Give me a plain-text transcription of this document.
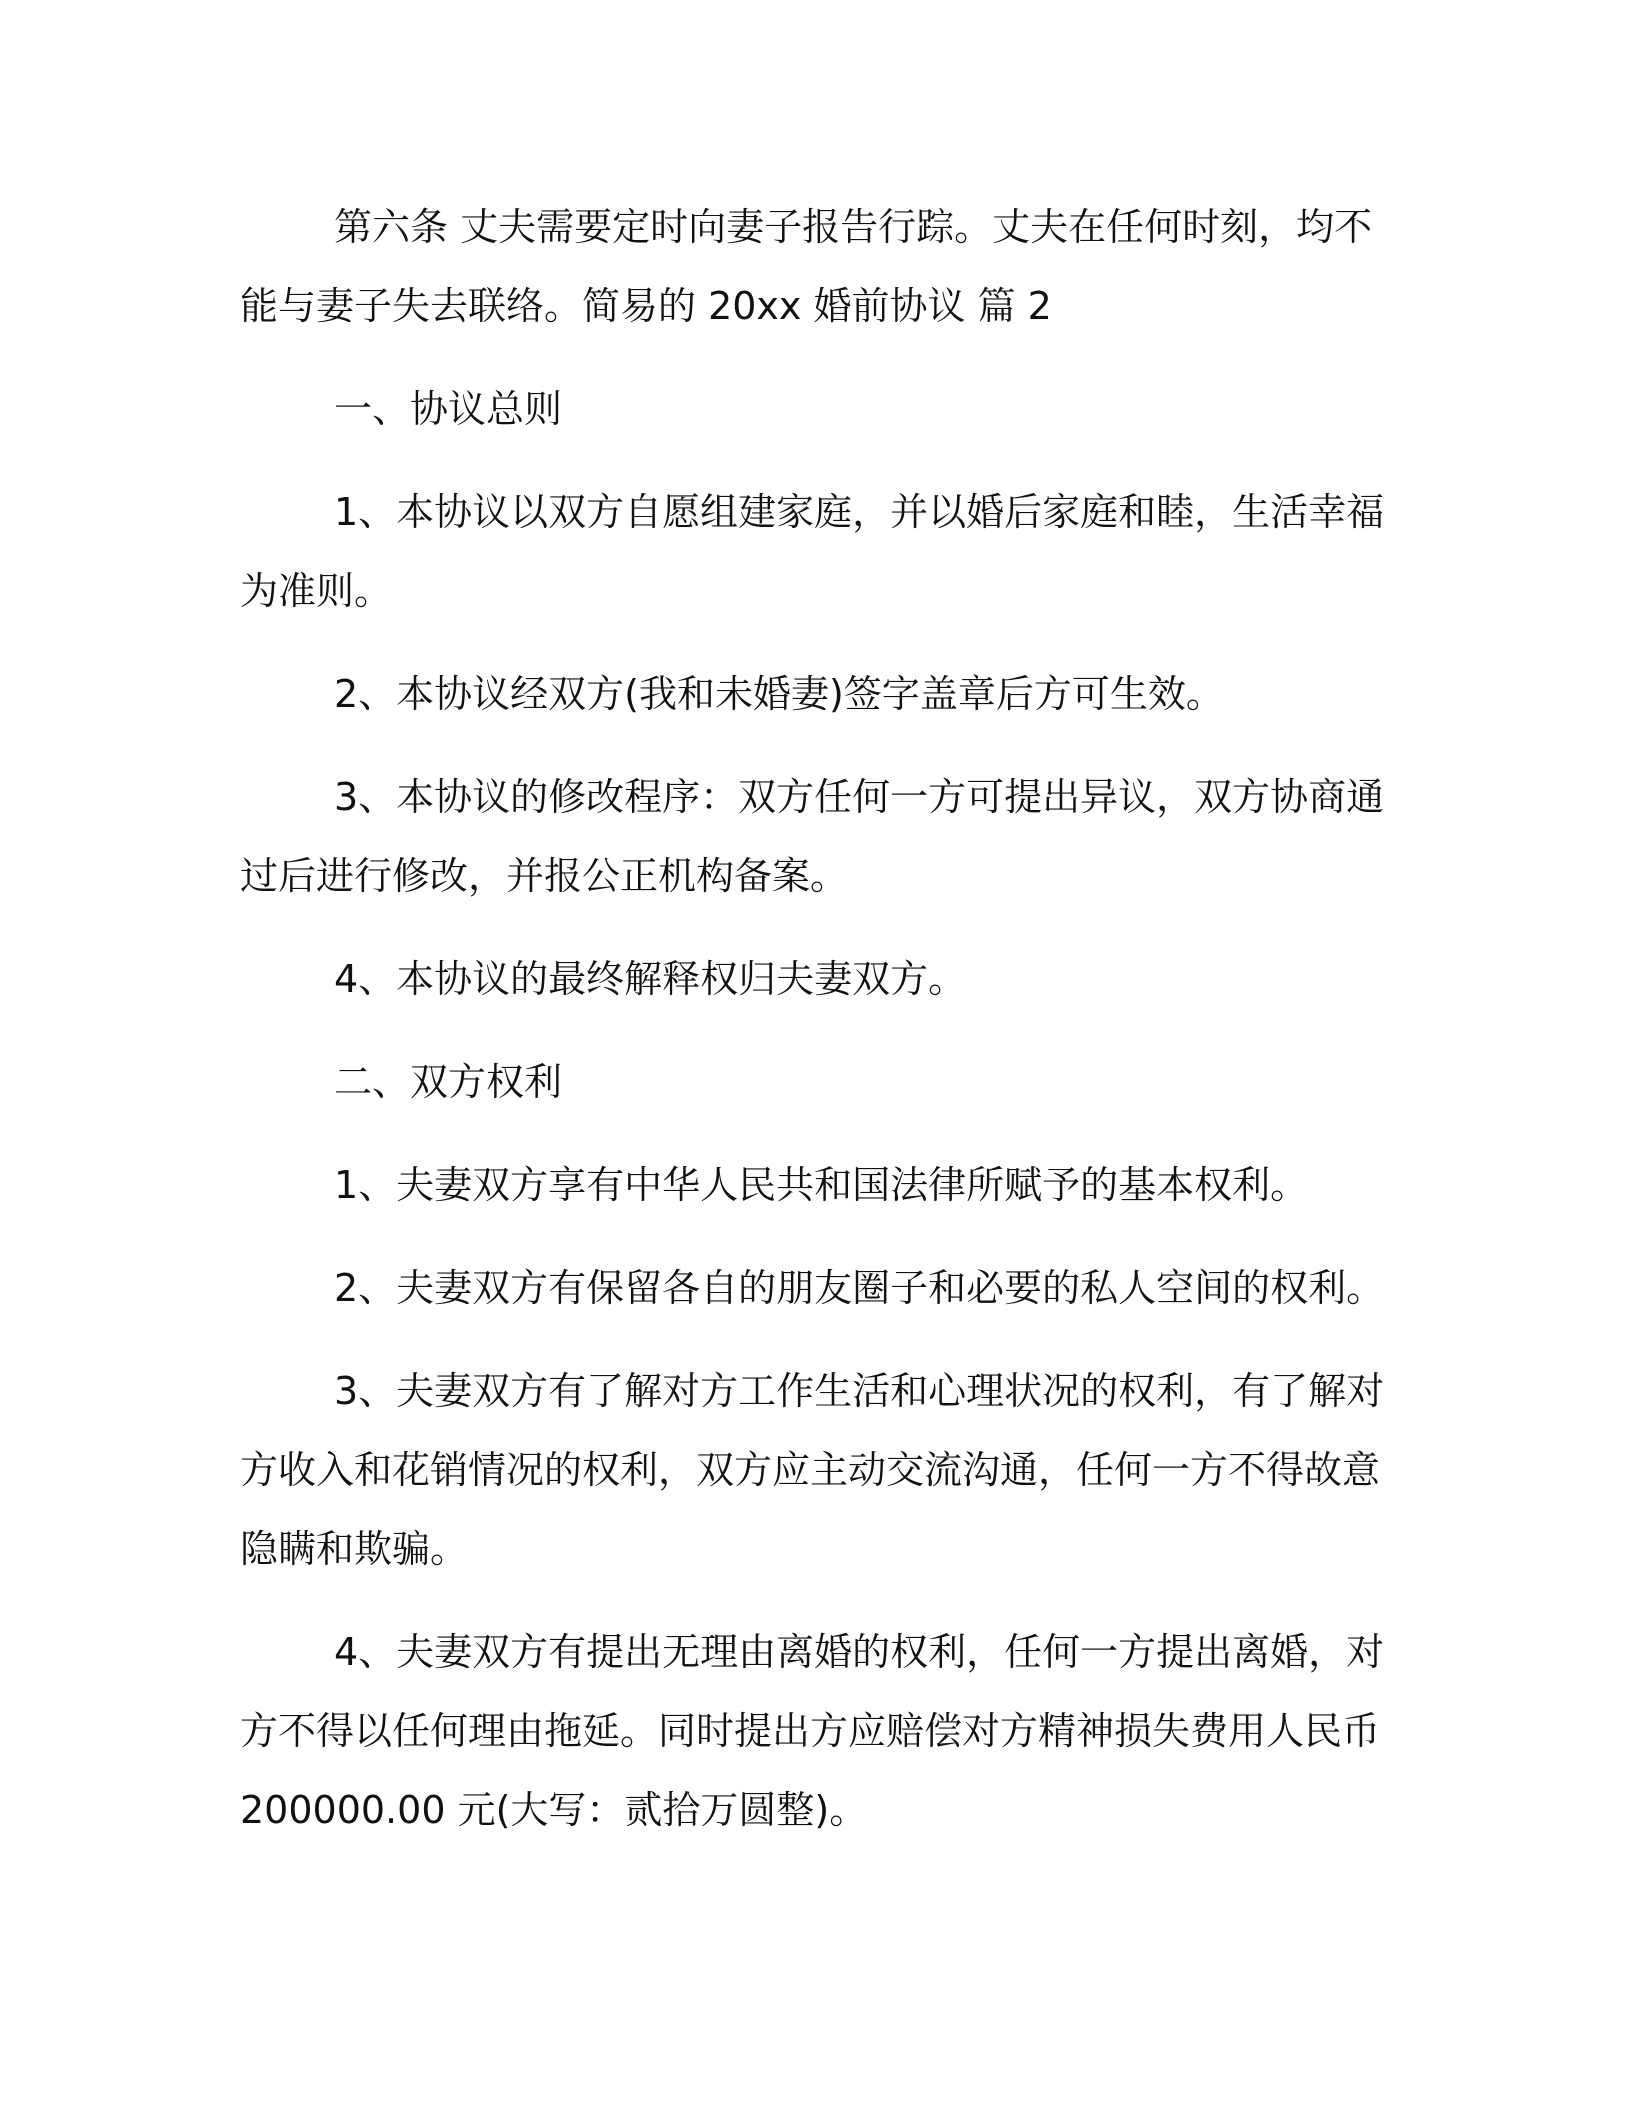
第六条 丈夫需要定时向妻子报告行踪。丈夫在任何时刻，均不能与妻子失去联络。简易的 20xx 婚前协议 篇 2

一、协议总则

1、本协议以双方自愿组建家庭，并以婚后家庭和睦，生活幸福为准则。

2、本协议经双方(我和未婚妻)签字盖章后方可生效。

3、本协议的修改程序：双方任何一方可提出异议，双方协商通过后进行修改，并报公正机构备案。

4、本协议的最终解释权归夫妻双方。

二、双方权利

1、夫妻双方享有中华人民共和国法律所赋予的基本权利。

2、夫妻双方有保留各自的朋友圈子和必要的私人空间的权利。

3、夫妻双方有了解对方工作生活和心理状况的权利，有了解对方收入和花销情况的权利，双方应主动交流沟通，任何一方不得故意隐瞒和欺骗。

4、夫妻双方有提出无理由离婚的权利，任何一方提出离婚，对方不得以任何理由拖延。同时提出方应赔偿对方精神损失费用人民币 200000.00 元(大写：贰拾万圆整)。
